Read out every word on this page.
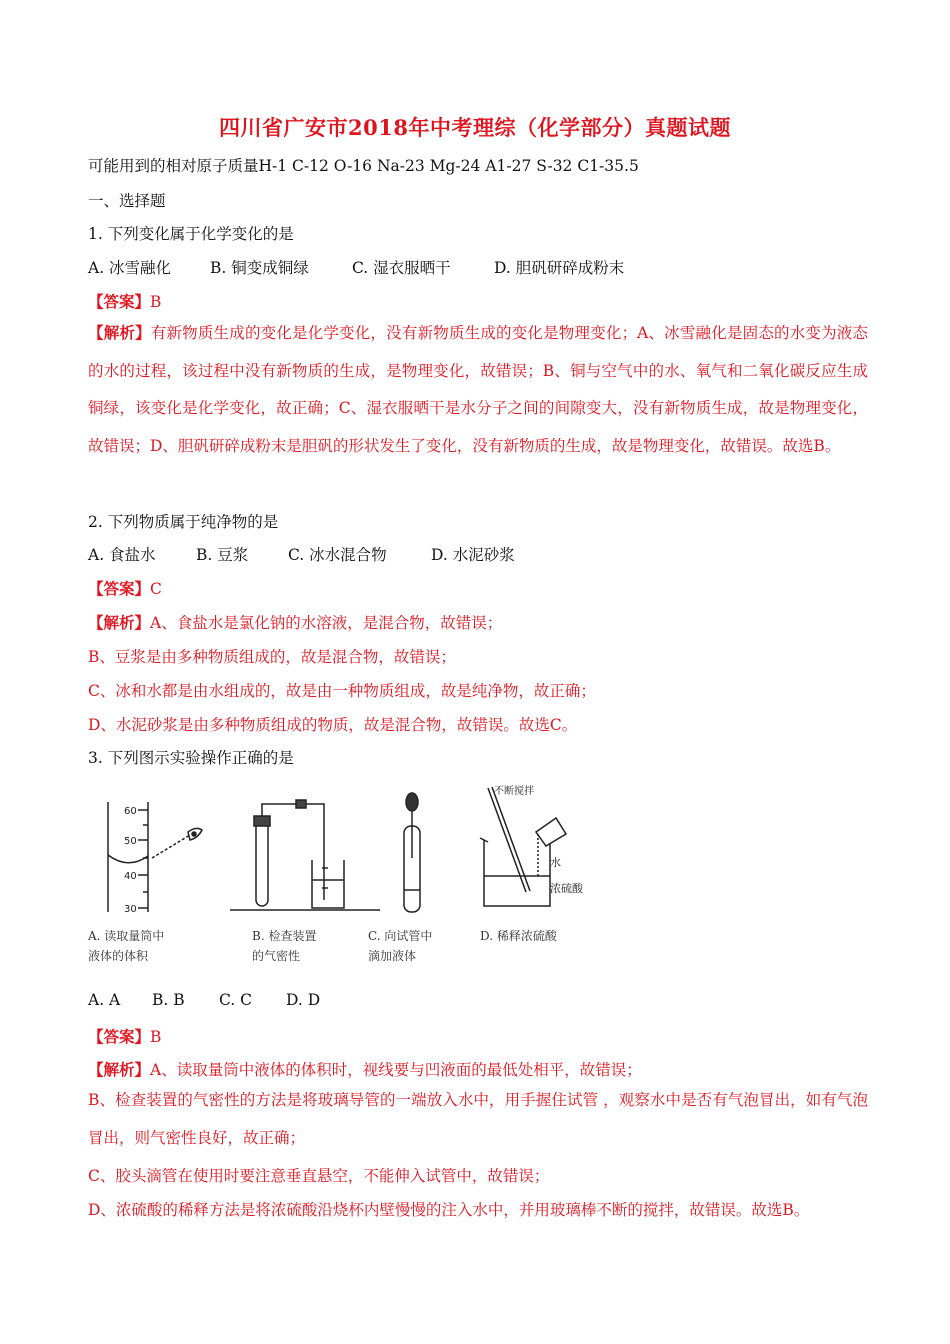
四川省广安市2018年中考理综（化学部分）真题试题
可能用到的相对原子质量H-1 C-12 O-16 Na-23 Mg-24 A1-27 S-32 C1-35.5
一、选择题
1. 下列变化属于化学变化的是
A. 冰雪融化	B. 铜变成铜绿	C. 湿衣服晒干	D. 胆矾研碎成粉末
【答案】B
【解析】有新物质生成的变化是化学变化，没有新物质生成的变化是物理变化；A、冰雪融化是固态的水变为液态的水的过程，该过程中没有新物质的生成，是物理变化，故错误；B、铜与空气中的水、氧气和二氧化碳反应生成铜绿，该变化是化学变化，故正确；C、湿衣服晒干是水分子之间的间隙变大，没有新物质生成，故是物理变化，故错误；D、胆矾研碎成粉末是胆矾的形状发生了变化，没有新物质的生成，故是物理变化，故错误。故选B。
2. 下列物质属于纯净物的是
A. 食盐水	B. 豆浆	C. 冰水混合物	D. 水泥砂浆
【答案】C
【解析】A、食盐水是氯化钠的水溶液，是混合物，故错误；
B、豆浆是由多种物质组成的，故是混合物，故错误；
C、冰和水都是由水组成的，故是由一种物质组成，故是纯净物，故正确；
D、水泥砂浆是由多种物质组成的物质，故是混合物，故错误。故选C。
3. 下列图示实验操作正确的是
60
50
40
30
不断搅拌
水
浓硫酸
A. 读取量筒中
液体的体积
B. 检查装置
的气密性
C. 向试管中
滴加液体
D. 稀释浓硫酸
A. A B. B C. C D. D
【答案】B
【解析】A、读取量筒中液体的体积时，视线要与凹液面的最低处相平，故错误；
B、检查装置的气密性的方法是将玻璃导管的一端放入水中，用手握住试管 ，观察水中是否有气泡冒出，如有气泡冒出，则气密性良好，故正确；
C、胶头滴管在使用时要注意垂直悬空，不能伸入试管中，故错误；
D、浓硫酸的稀释方法是将浓硫酸沿烧杯内壁慢慢的注入水中，并用玻璃棒不断的搅拌，故错误。故选B。
